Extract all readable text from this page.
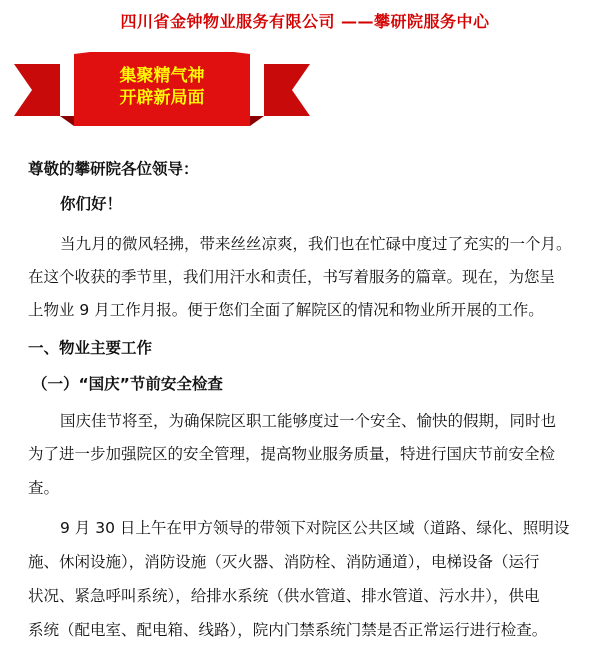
四川省金钟物业服务有限公司 ——攀研院服务中心
集聚精气神
开辟新局面
尊敬的攀研院各位领导：
你们好！
当九月的微风轻拂，带来丝丝凉爽，我们也在忙碌中度过了充实的一个月。
在这个收获的季节里，我们用汗水和责任，书写着服务的篇章。现在，为您呈
上物业 9 月工作月报。便于您们全面了解院区的情况和物业所开展的工作。
一、物业主要工作
（一）“国庆”节前安全检查
国庆佳节将至，为确保院区职工能够度过一个安全、愉快的假期，同时也
为了进一步加强院区的安全管理，提高物业服务质量，特进行国庆节前安全检
查。
9 月 30 日上午在甲方领导的带领下对院区公共区域（道路、绿化、照明设
施、休闲设施），消防设施（灭火器、消防栓、消防通道），电梯设备（运行
状况、紧急呼叫系统），给排水系统（供水管道、排水管道、污水井），供电
系统（配电室、配电箱、线路），院内门禁系统门禁是否正常运行进行检查。
